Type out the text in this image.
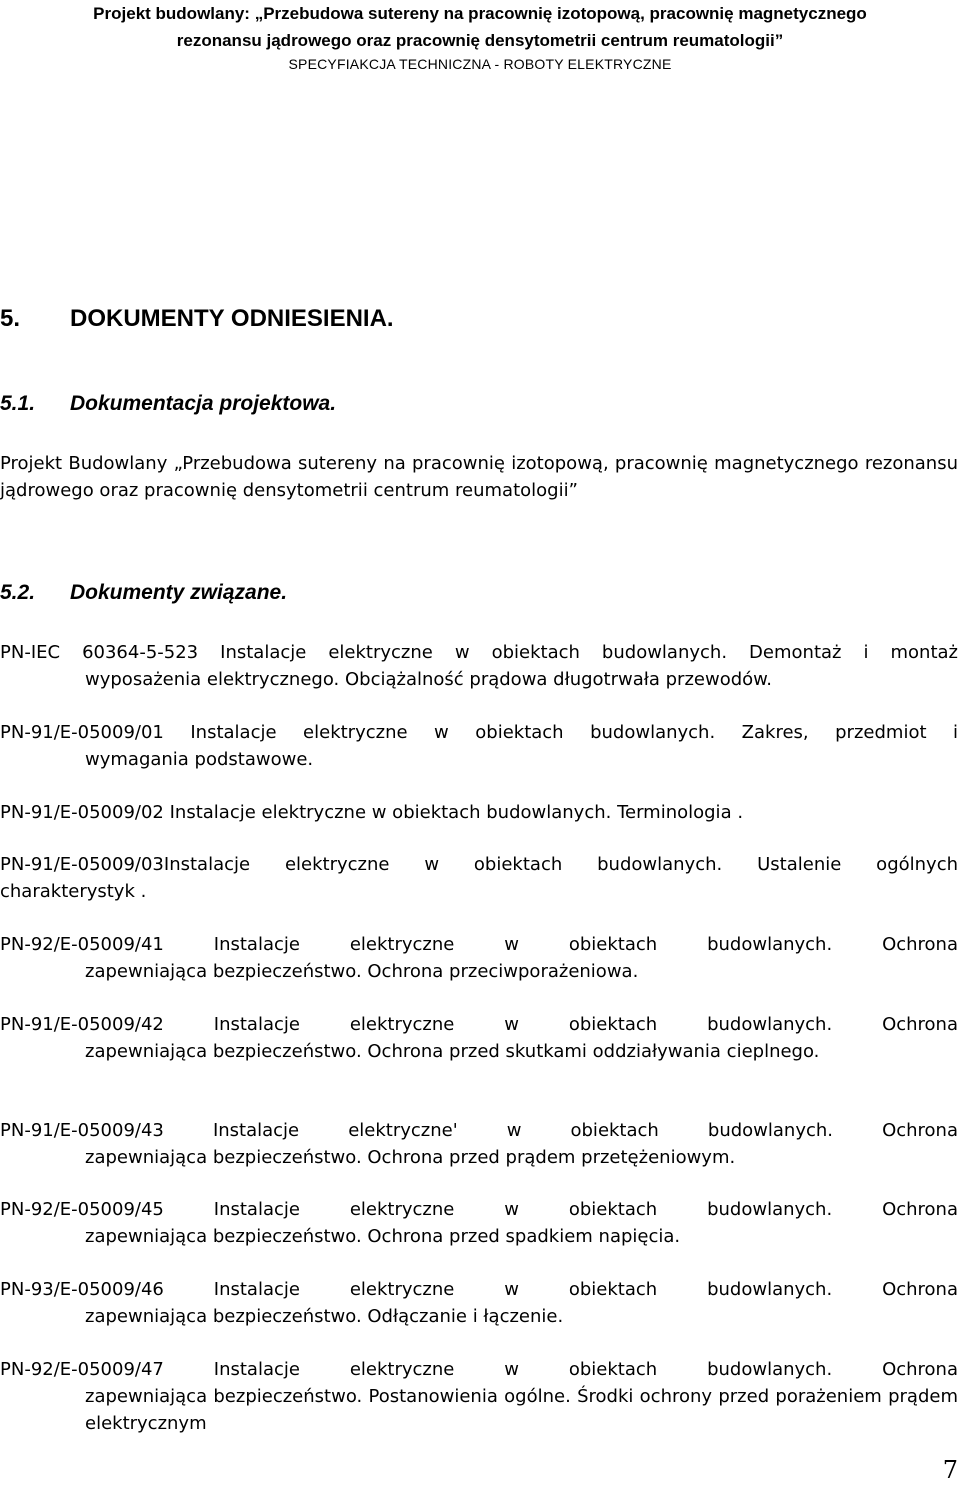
Projekt budowlany: „Przebudowa sutereny na pracownię izotopową, pracownię magnetycznego
rezonansu jądrowego oraz pracownię densytometrii centrum reumatologii”
SPECYFIAKCJA TECHNICZNA - ROBOTY ELEKTRYCZNE
5. DOKUMENTY ODNIESIENIA.
5.1. Dokumentacja projektowa.
Projekt Budowlany „Przebudowa sutereny na pracownię izotopową, pracownię magnetycznego rezonansu jądrowego oraz pracownię densytometrii centrum reumatologii”
5.2. Dokumenty związane.
PN-IEC 60364-5-523 Instalacje elektryczne w obiektach budowlanych. Demontaż i montaż
wyposażenia elektrycznego. Obciążalność prądowa długotrwała przewodów.
PN-91/E-05009/01 Instalacje elektryczne w obiektach budowlanych. Zakres, przedmiot i
wymagania podstawowe.
PN-91/E-05009/02 Instalacje elektryczne w obiektach budowlanych. Terminologia .
PN-91/E-05009/03Instalacje elektryczne w obiektach budowlanych. Ustalenie ogólnych
charakterystyk .
PN-92/E-05009/41 Instalacje elektryczne w obiektach budowlanych. Ochrona
zapewniająca bezpieczeństwo. Ochrona przeciwporażeniowa.
PN-91/E-05009/42 Instalacje elektryczne w obiektach budowlanych. Ochrona
zapewniająca bezpieczeństwo. Ochrona przed skutkami oddziaływania cieplnego.
PN-91/E-05009/43 Instalacje elektryczne' w obiektach budowlanych. Ochrona
zapewniająca bezpieczeństwo. Ochrona przed prądem przetężeniowym.
PN-92/E-05009/45 Instalacje elektryczne w obiektach budowlanych. Ochrona
zapewniająca bezpieczeństwo. Ochrona przed spadkiem napięcia.
PN-93/E-05009/46 Instalacje elektryczne w obiektach budowlanych. Ochrona
zapewniająca bezpieczeństwo. Odłączanie i łączenie.
PN-92/E-05009/47 Instalacje elektryczne w obiektach budowlanych. Ochrona
zapewniająca bezpieczeństwo. Postanowienia ogólne. Środki ochrony przed porażeniem prądem elektrycznym
7
